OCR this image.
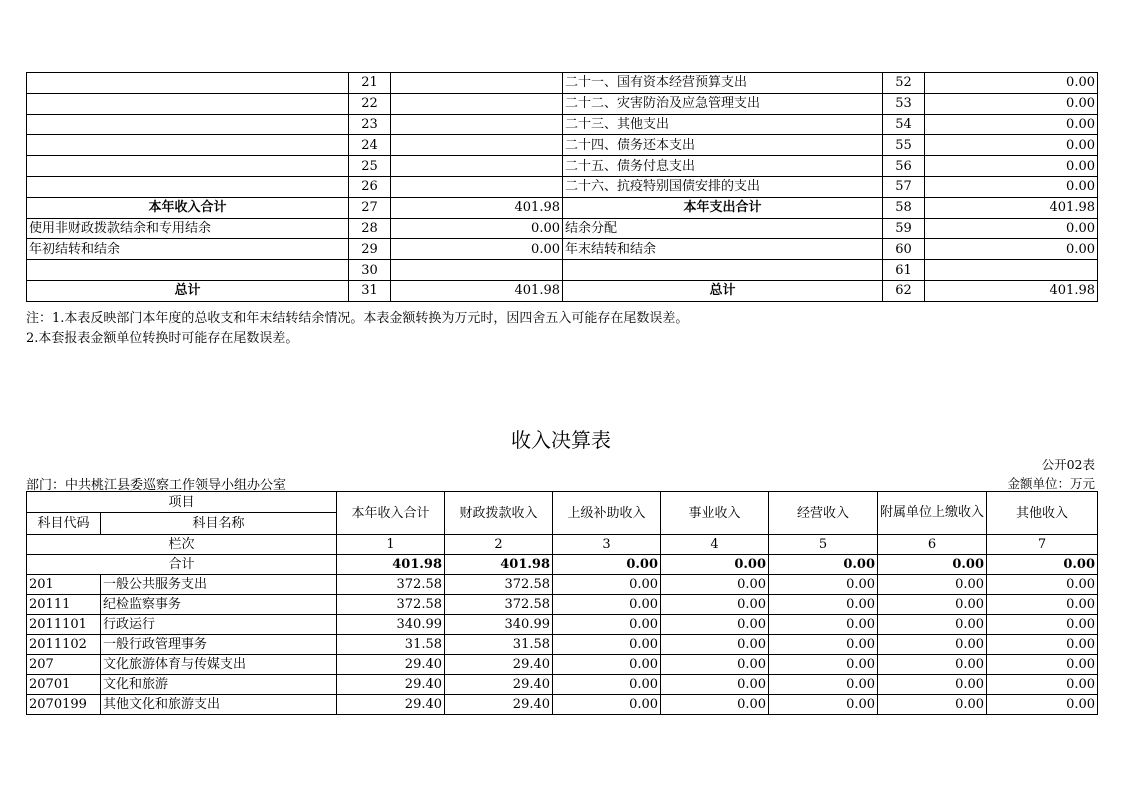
	21		二十一、国有资本经营预算支出	52	0.00
	22		二十二、灾害防治及应急管理支出	53	0.00
	23		二十三、其他支出	54	0.00
	24		二十四、债务还本支出	55	0.00
	25		二十五、债务付息支出	56	0.00
	26		二十六、抗疫特别国债安排的支出	57	0.00
本年收入合计	27	401.98	本年支出合计	58	401.98
使用非财政拨款结余和专用结余	28	0.00	结余分配	59	0.00
年初结转和结余	29	0.00	年末结转和结余	60	0.00
	30			61	
总计	31	401.98	总计	62	401.98
注：1.本表反映部门本年度的总收支和年末结转结余情况。本表金额转换为万元时，因四舍五入可能存在尾数误差。
2.本套报表金额单位转换时可能存在尾数误差。
收入决算表
公开02表
部门：中共桃江县委巡察工作领导小组办公室	金额单位：万元
项目		本年收入合计	财政拨款收入	上级补助收入	事业收入	经营收入	附属单位上缴收入	其他收入
科目代码	科目名称							
栏次		1	2	3	4	5	6	7
合计		401.98	401.98	0.00	0.00	0.00	0.00	0.00
201	一般公共服务支出	372.58	372.58	0.00	0.00	0.00	0.00	0.00
20111	纪检监察事务	372.58	372.58	0.00	0.00	0.00	0.00	0.00
2011101	行政运行	340.99	340.99	0.00	0.00	0.00	0.00	0.00
2011102	一般行政管理事务	31.58	31.58	0.00	0.00	0.00	0.00	0.00
207	文化旅游体育与传媒支出	29.40	29.40	0.00	0.00	0.00	0.00	0.00
20701	文化和旅游	29.40	29.40	0.00	0.00	0.00	0.00	0.00
2070199	其他文化和旅游支出	29.40	29.40	0.00	0.00	0.00	0.00	0.00
